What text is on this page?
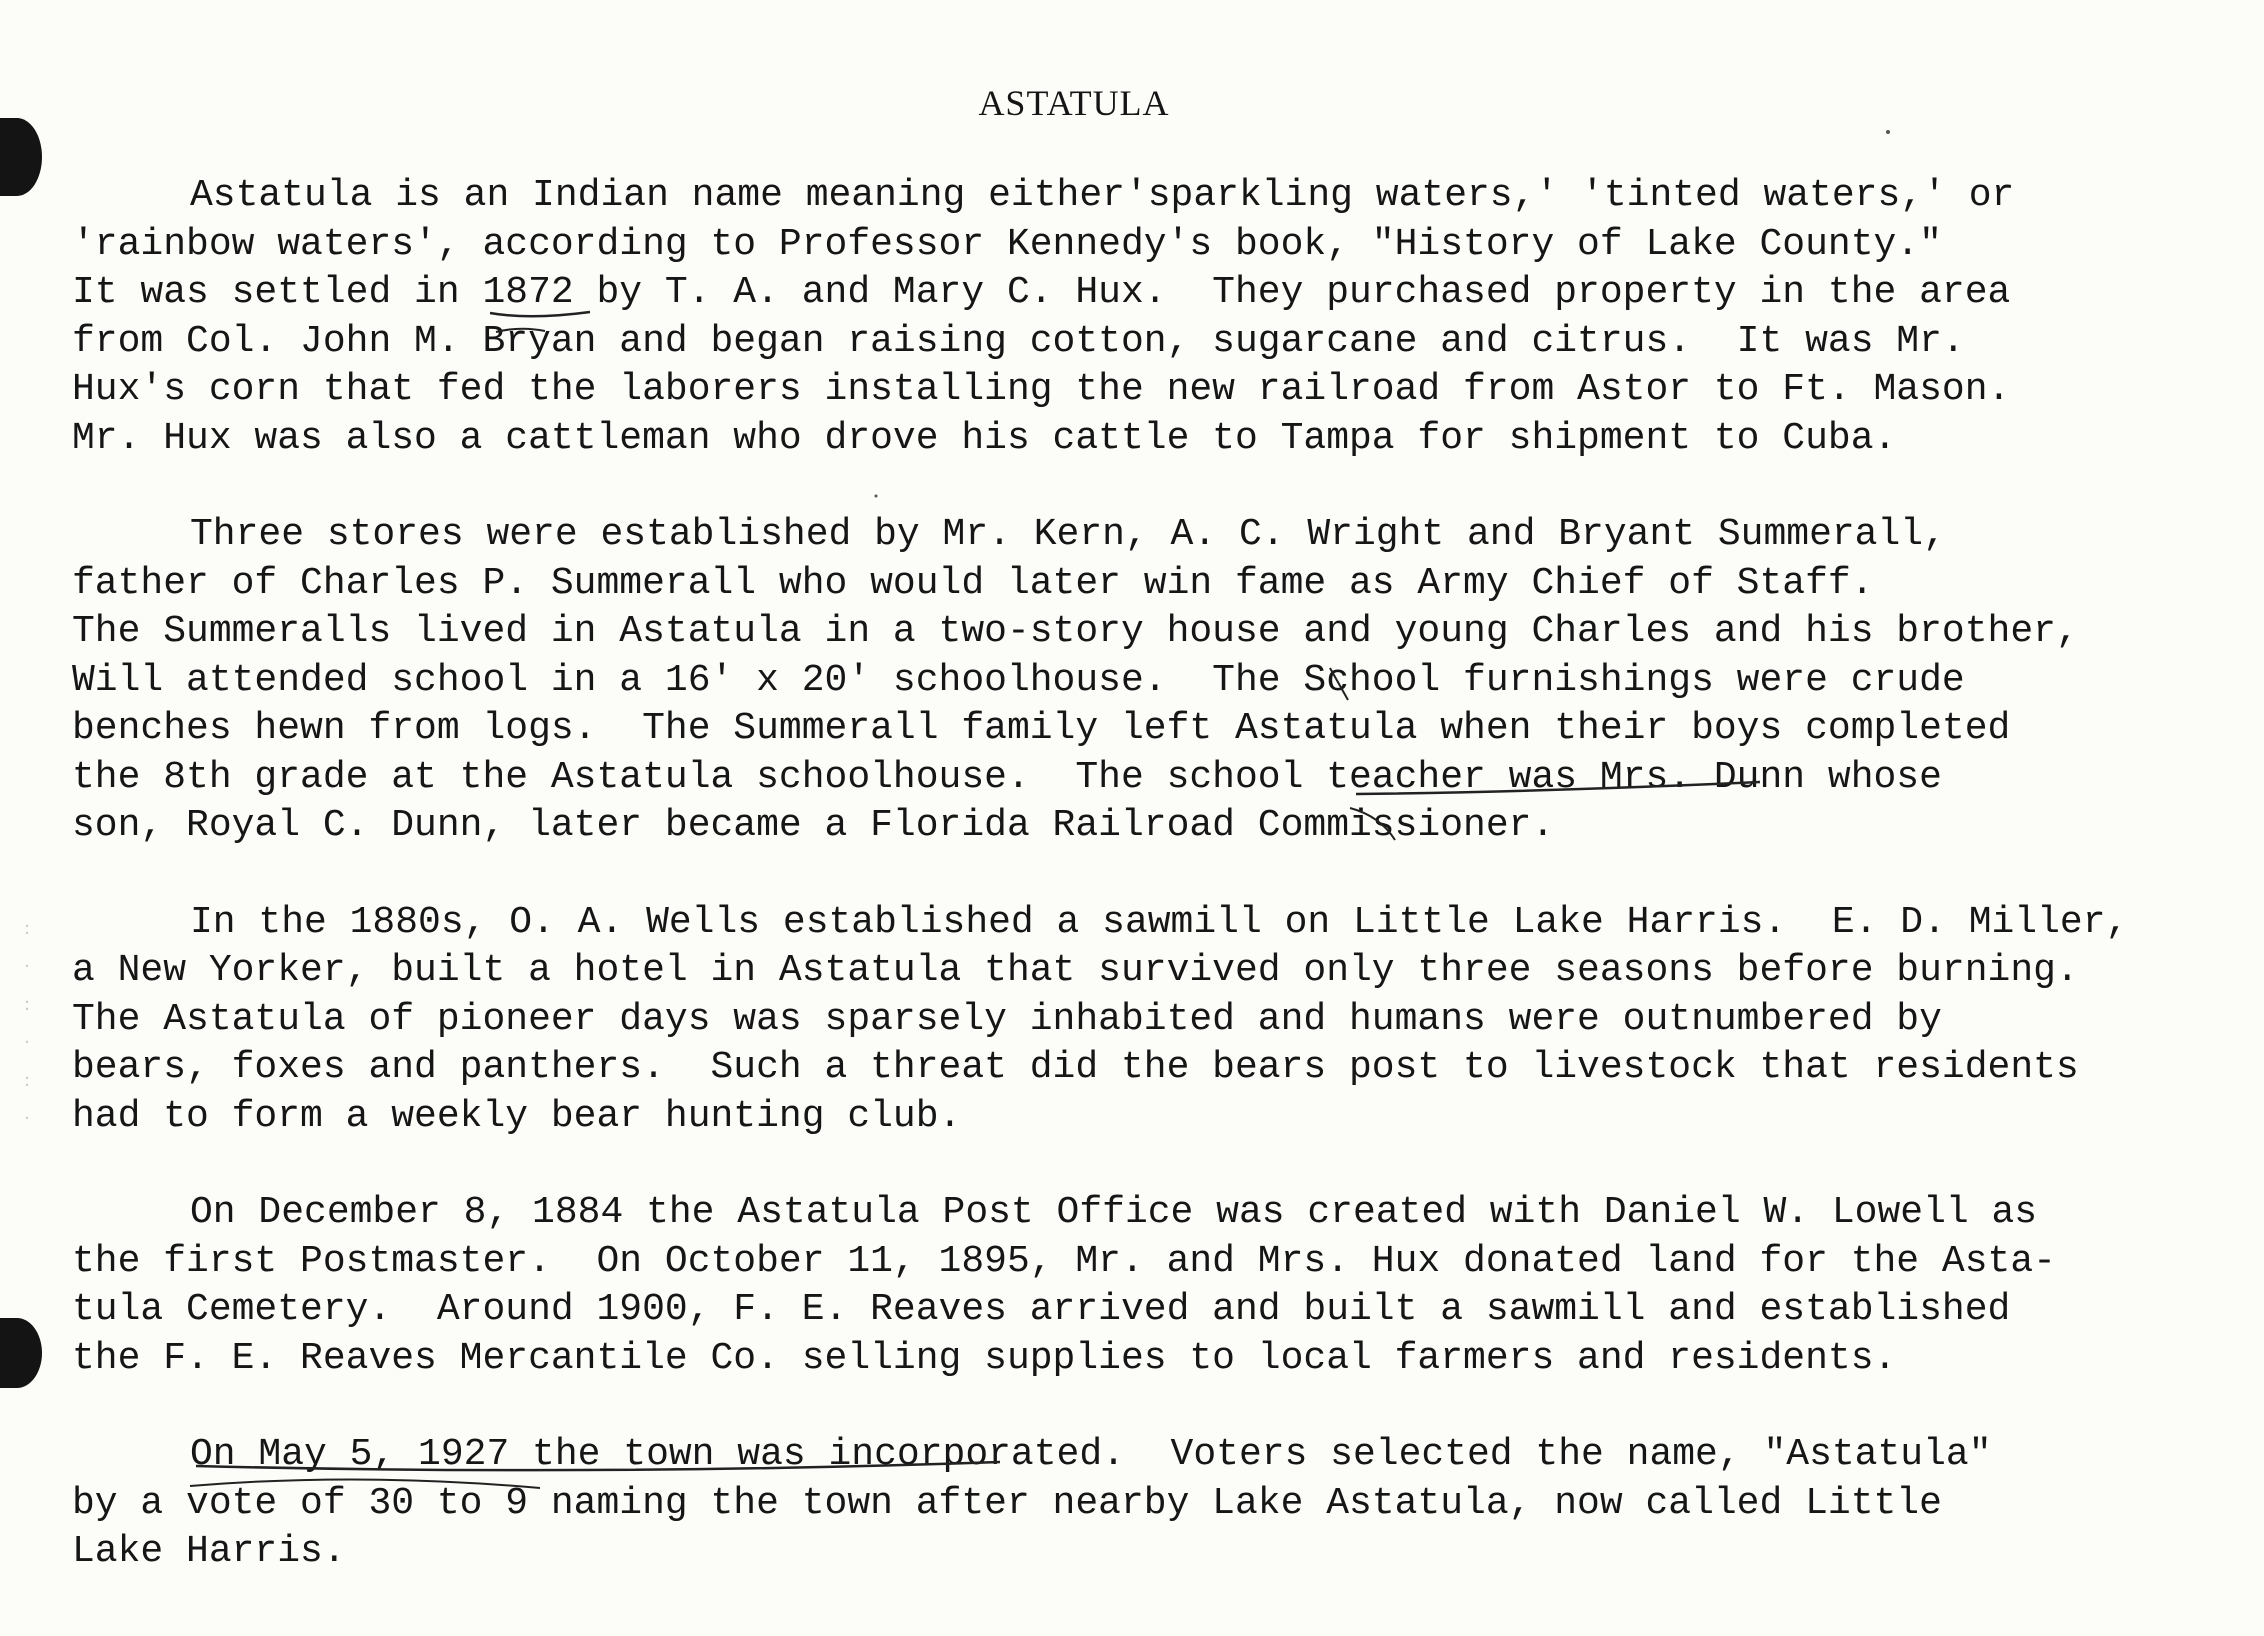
:
·
:
·
:
·
ASTATULA
Astatula is an Indian name meaning either'sparkling waters,' 'tinted waters,' or
'rainbow waters', according to Professor Kennedy's book, "History of Lake County."
It was settled in 1872 by T. A. and Mary C. Hux.  They purchased property in the area
from Col. John M. Bryan and began raising cotton, sugarcane and citrus.  It was Mr.
Hux's corn that fed the laborers installing the new railroad from Astor to Ft. Mason.
Mr. Hux was also a cattleman who drove his cattle to Tampa for shipment to Cuba.
Three stores were established by Mr. Kern, A. C. Wright and Bryant Summerall,
father of Charles P. Summerall who would later win fame as Army Chief of Staff.
The Summeralls lived in Astatula in a two-story house and young Charles and his brother,
Will attended school in a 16' x 20' schoolhouse.  The School furnishings were crude
benches hewn from logs.  The Summerall family left Astatula when their boys completed
the 8th grade at the Astatula schoolhouse.  The school teacher was Mrs. Dunn whose
son, Royal C. Dunn, later became a Florida Railroad Commissioner.
In the 1880s, O. A. Wells established a sawmill on Little Lake Harris.  E. D. Miller,
a New Yorker, built a hotel in Astatula that survived only three seasons before burning.
The Astatula of pioneer days was sparsely inhabited and humans were outnumbered by
bears, foxes and panthers.  Such a threat did the bears post to livestock that residents
had to form a weekly bear hunting club.
On December 8, 1884 the Astatula Post Office was created with Daniel W. Lowell as
the first Postmaster.  On October 11, 1895, Mr. and Mrs. Hux donated land for the Asta-
tula Cemetery.  Around 1900, F. E. Reaves arrived and built a sawmill and established
the F. E. Reaves Mercantile Co. selling supplies to local farmers and residents.
On May 5, 1927 the town was incorporated.  Voters selected the name, "Astatula"
by a vote of 30 to 9 naming the town after nearby Lake Astatula, now called Little
Lake Harris.
